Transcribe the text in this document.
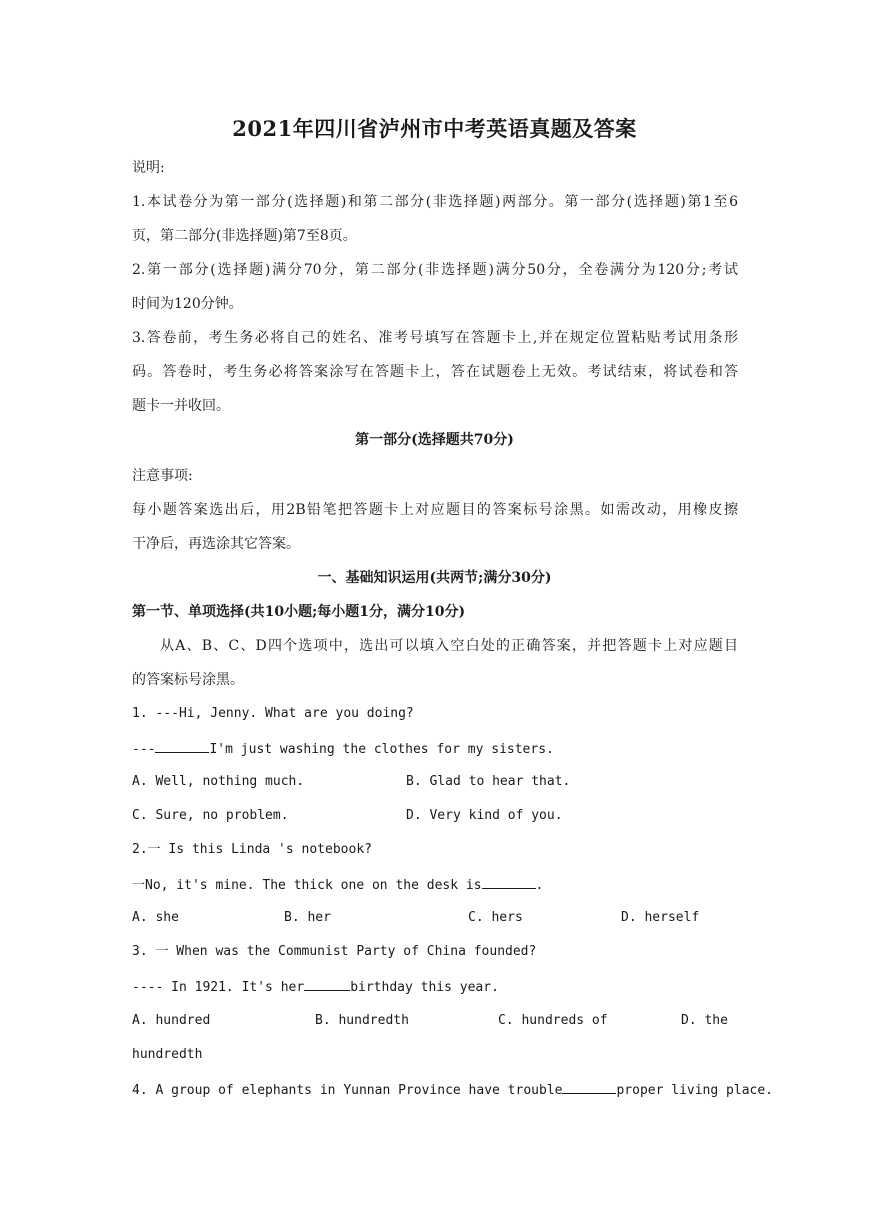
2021年四川省泸州市中考英语真题及答案
说明:
1.本试卷分为第一部分(选择题)和第二部分(非选择题)两部分。第一部分(选择题)第1至6
页，第二部分(非选择题)第7至8页。
2.第一部分(选择题)满分70分，第二部分(非选择题)满分50分，全卷满分为120分;考试
时间为120分钟。
3.答卷前，考生务必将自己的姓名、准考号填写在答题卡上,并在规定位置粘贴考试用条形
码。答卷时，考生务必将答案涂写在答题卡上，答在试题卷上无效。考试结束，将试卷和答
题卡一并收回。
第一部分(选择题共70分)
注意事项:
每小题答案选出后，用2B铅笔把答题卡上对应题目的答案标号涂黑。如需改动，用橡皮擦
干净后，再选涂其它答案。
一、基础知识运用(共两节;满分30分)
第一节、单项选择(共10小题;每小题1分，满分10分)
从A、B、C、D四个选项中，选出可以填入空白处的正确答案，并把答题卡上对应题目
的答案标号涂黑。
1. ---Hi, Jenny. What are you doing?
---	I'm just washing the clothes for my sisters.
A. Well, nothing much.	B. Glad to hear that.
C. Sure, no problem.	D. Very kind of you.
2.一 Is this Linda 's notebook?
一No, it's mine. The thick one on the desk is	.
A. she	B. her	C. hers	D. herself
3. 一 When was the Communist Party of China founded?
---- In 1921. It's her	birthday this year.
A. hundred	B. hundredth	C. hundreds of	D. the
hundredth
4. A group of elephants in Yunnan Province have trouble	proper living place.
